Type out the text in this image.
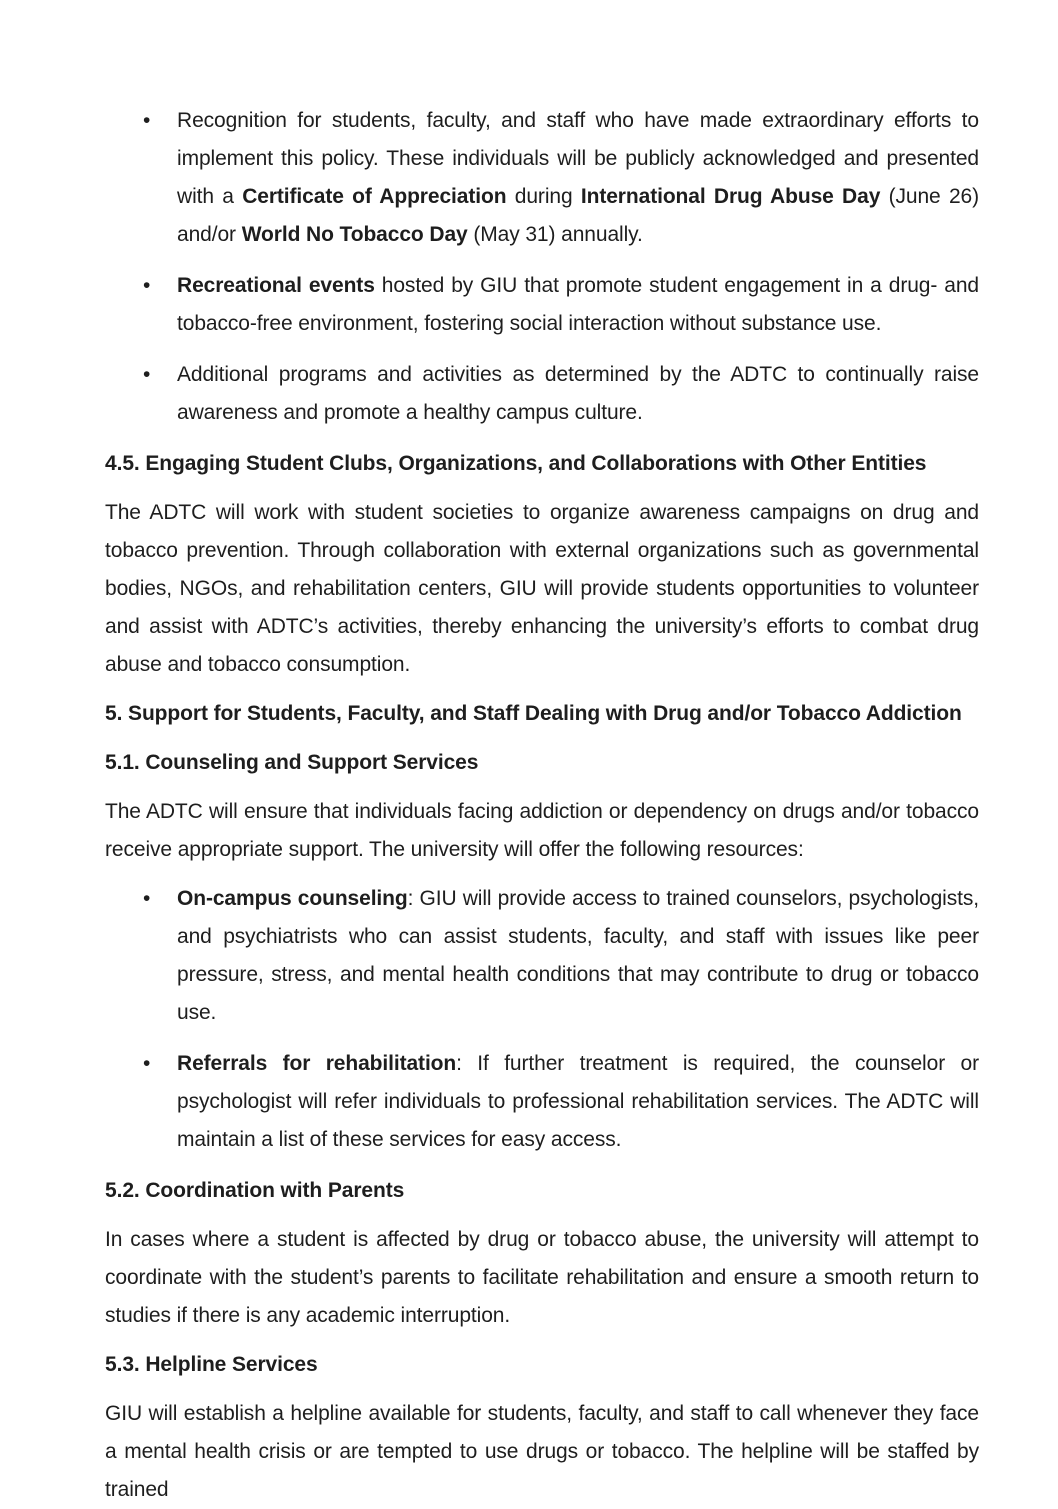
• Recognition for students, faculty, and staff who have made extraordinary efforts to implement this policy. These individuals will be publicly acknowledged and presented with a Certificate of Appreciation during International Drug Abuse Day (June 26) and/or World No Tobacco Day (May 31) annually.
• Recreational events hosted by GIU that promote student engagement in a drug- and tobacco-free environment, fostering social interaction without substance use.
• Additional programs and activities as determined by the ADTC to continually raise awareness and promote a healthy campus culture.
4.5. Engaging Student Clubs, Organizations, and Collaborations with Other Entities
The ADTC will work with student societies to organize awareness campaigns on drug and tobacco prevention. Through collaboration with external organizations such as governmental bodies, NGOs, and rehabilitation centers, GIU will provide students opportunities to volunteer and assist with ADTC’s activities, thereby enhancing the university’s efforts to combat drug abuse and tobacco consumption.
5. Support for Students, Faculty, and Staff Dealing with Drug and/or Tobacco Addiction
5.1. Counseling and Support Services
The ADTC will ensure that individuals facing addiction or dependency on drugs and/or tobacco receive appropriate support. The university will offer the following resources:
• On-campus counseling: GIU will provide access to trained counselors, psychologists, and psychiatrists who can assist students, faculty, and staff with issues like peer pressure, stress, and mental health conditions that may contribute to drug or tobacco use.
• Referrals for rehabilitation: If further treatment is required, the counselor or psychologist will refer individuals to professional rehabilitation services. The ADTC will maintain a list of these services for easy access.
5.2. Coordination with Parents
In cases where a student is affected by drug or tobacco abuse, the university will attempt to coordinate with the student’s parents to facilitate rehabilitation and ensure a smooth return to studies if there is any academic interruption.
5.3. Helpline Services
GIU will establish a helpline available for students, faculty, and staff to call whenever they face a mental health crisis or are tempted to use drugs or tobacco. The helpline will be staffed by trained
